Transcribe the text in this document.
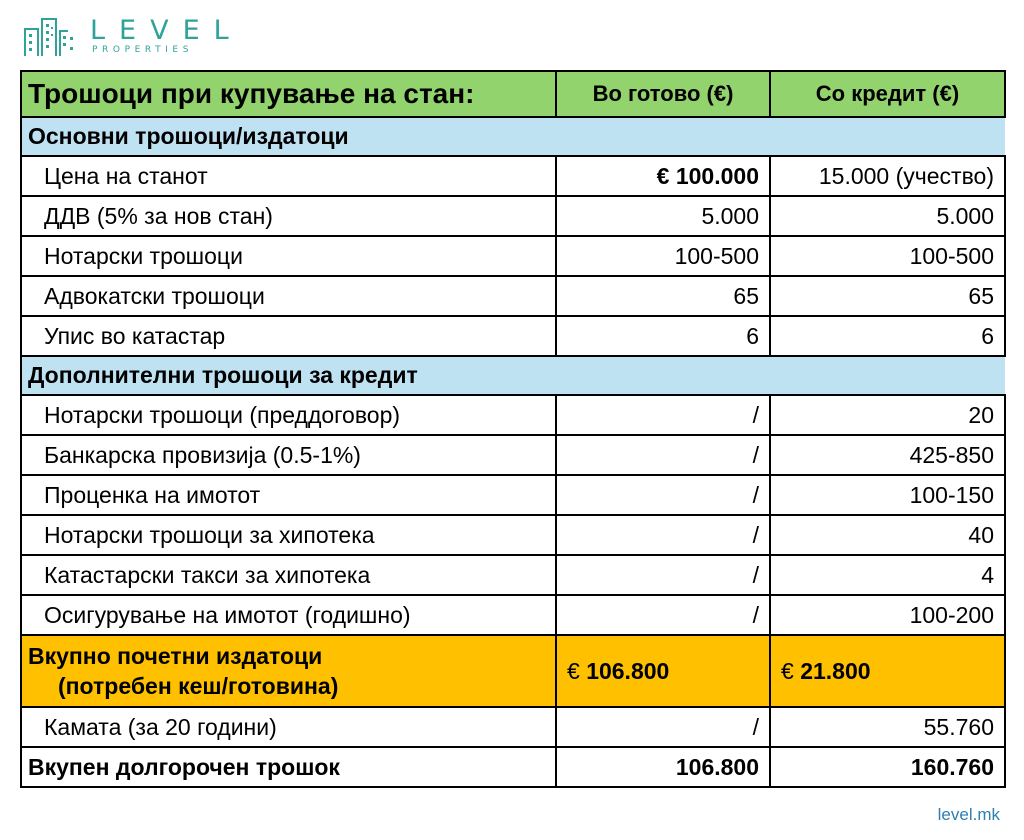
LEVEL
PROPERTIES
Трошоци при купување на стан:	Во готово (€)	Со кредит (€)
Основни трошоци/издатоци		
Цена на станот	€ 100.000	15.000 (учество)
ДДВ (5% за нов стан)	5.000	5.000
Нотарски трошоци	100-500	100-500
Адвокатски трошоци	65	65
Упис во катастар	6	6
Дополнителни трошоци за кредит		
Нотарски трошоци (преддоговор)	/	20
Банкарска провизија (0.5-1%)	/	425-850
Проценка на имотот	/	100-150
Нотарски трошоци за хипотека	/	40
Катастарски такси за хипотека	/	4
Осигурување на имотот (годишно)	/	100-200

Вкупно почетни издатоци
(потребен кеш/готовина)	€ 106.800	€ 21.800
Камата (за 20 години)	/	55.760
Вкупен долгорочен трошок	106.800	160.760
level.mk
